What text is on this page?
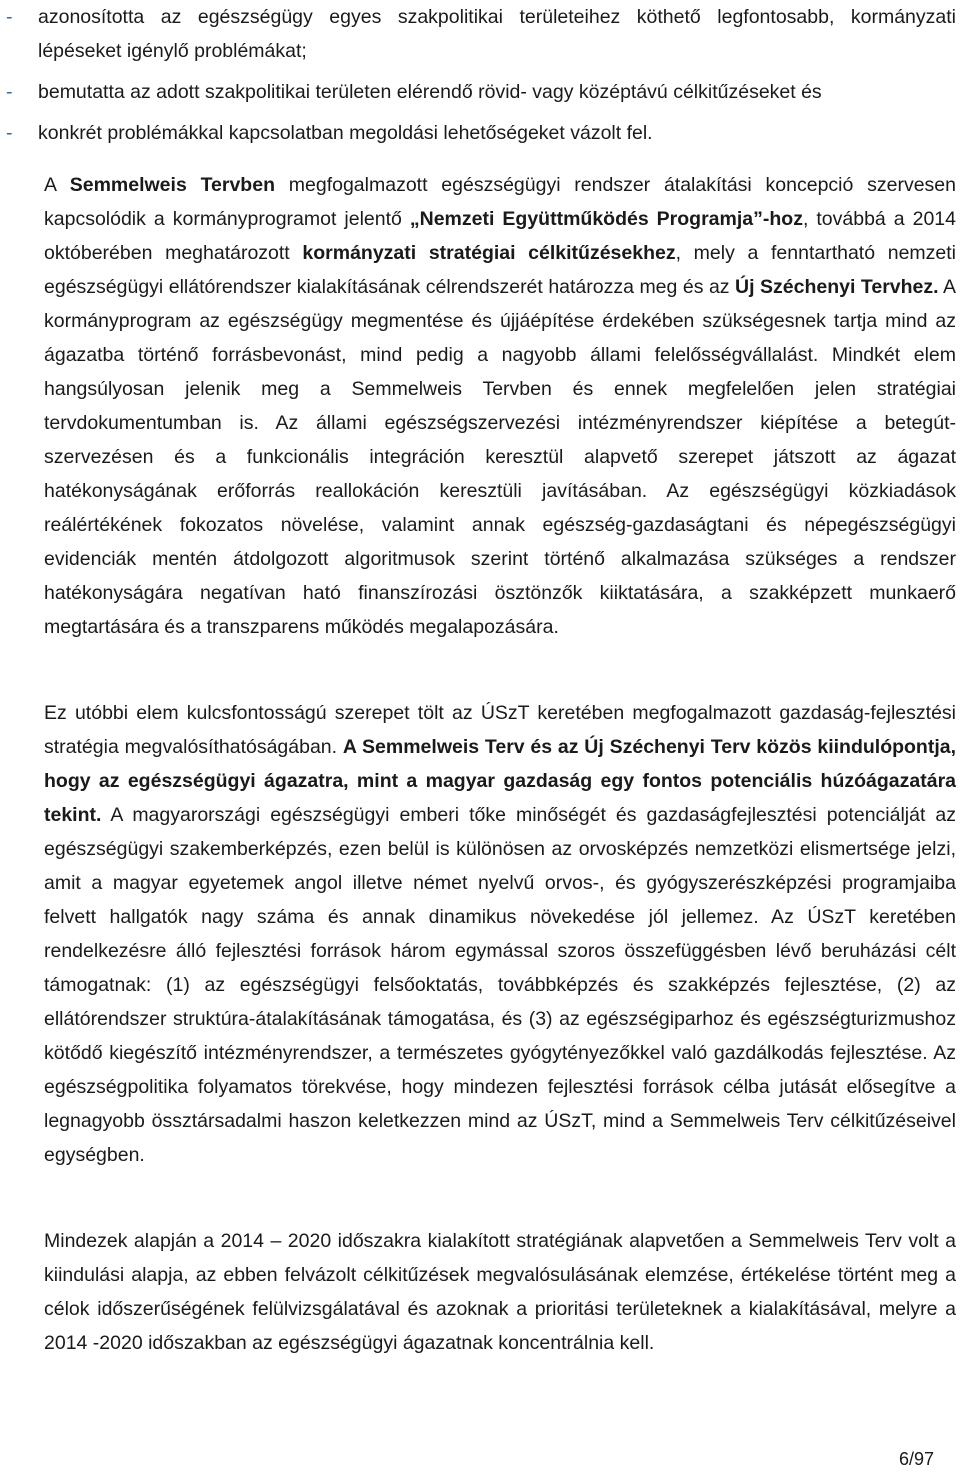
-	azonosította az egészségügy egyes szakpolitikai területeihez köthető legfontosabb, kormányzati lépéseket igénylő problémákat;
-	bemutatta az adott szakpolitikai területen elérendő rövid- vagy középtávú célkitűzéseket és
-	konkrét problémákkal kapcsolatban megoldási lehetőségeket vázolt fel.
A Semmelweis Tervben megfogalmazott egészségügyi rendszer átalakítási koncepció szervesen kapcsolódik a kormányprogramot jelentő „Nemzeti Együttműködés Programja”-hoz, továbbá a 2014 októberében meghatározott kormányzati stratégiai célkitűzésekhez, mely a fenntartható nemzeti egészségügyi ellátórendszer kialakításának célrendszerét határozza meg és az Új Széchenyi Tervhez. A kormányprogram az egészségügy megmentése és újjáépítése érdekében szükségesnek tartja mind az ágazatba történő forrásbevonást, mind pedig a nagyobb állami felelősségvállalást. Mindkét elem hangsúlyosan jelenik meg a Semmelweis Tervben és ennek megfelelően jelen stratégiai tervdokumentumban is. Az állami egészségszervezési intézményrendszer kiépítése a betegút-szervezésen és a funkcionális integráción keresztül alapvető szerepet játszott az ágazat hatékonyságának erőforrás reallokáción keresztüli javításában. Az egészségügyi közkiadások reálértékének fokozatos növelése, valamint annak egészség-gazdaságtani és népegészségügyi evidenciák mentén átdolgozott algoritmusok szerint történő alkalmazása szükséges a rendszer hatékonyságára negatívan ható finanszírozási ösztönzők kiiktatására, a szakképzett munkaerő megtartására és a transzparens működés megalapozására.
Ez utóbbi elem kulcsfontosságú szerepet tölt az ÚSzT keretében megfogalmazott gazdaság-fejlesztési stratégia megvalósíthatóságában. A Semmelweis Terv és az Új Széchenyi Terv közös kiindulópontja, hogy az egészségügyi ágazatra, mint a magyar gazdaság egy fontos potenciális húzóágazatára tekint. A magyarországi egészségügyi emberi tőke minőségét és gazdaságfejlesztési potenciálját az egészségügyi szakemberképzés, ezen belül is különösen az orvosképzés nemzetközi elismertsége jelzi, amit a magyar egyetemek angol illetve német nyelvű orvos-, és gyógyszerészképzési programjaiba felvett hallgatók nagy száma és annak dinamikus növekedése jól jellemez. Az ÚSzT keretében rendelkezésre álló fejlesztési források három egymással szoros összefüggésben lévő beruházási célt támogatnak: (1) az egészségügyi felsőoktatás, továbbképzés és szakképzés fejlesztése, (2) az ellátórendszer struktúra-átalakításának támogatása, és (3) az egészségiparhoz és egészségturizmushoz kötődő kiegészítő intézményrendszer, a természetes gyógytényezőkkel való gazdálkodás fejlesztése. Az egészségpolitika folyamatos törekvése, hogy mindezen fejlesztési források célba jutását elősegítve a legnagyobb össztársadalmi haszon keletkezzen mind az ÚSzT, mind a Semmelweis Terv célkitűzéseivel egységben.
Mindezek alapján a 2014 – 2020 időszakra kialakított stratégiának alapvetően a Semmelweis Terv volt a kiindulási alapja, az ebben felvázolt célkitűzések megvalósulásának elemzése, értékelése történt meg a célok időszerűségének felülvizsgálatával és azoknak a prioritási területeknek a kialakításával, melyre a 2014 -2020 időszakban az egészségügyi ágazatnak koncentrálnia kell.
6/97
